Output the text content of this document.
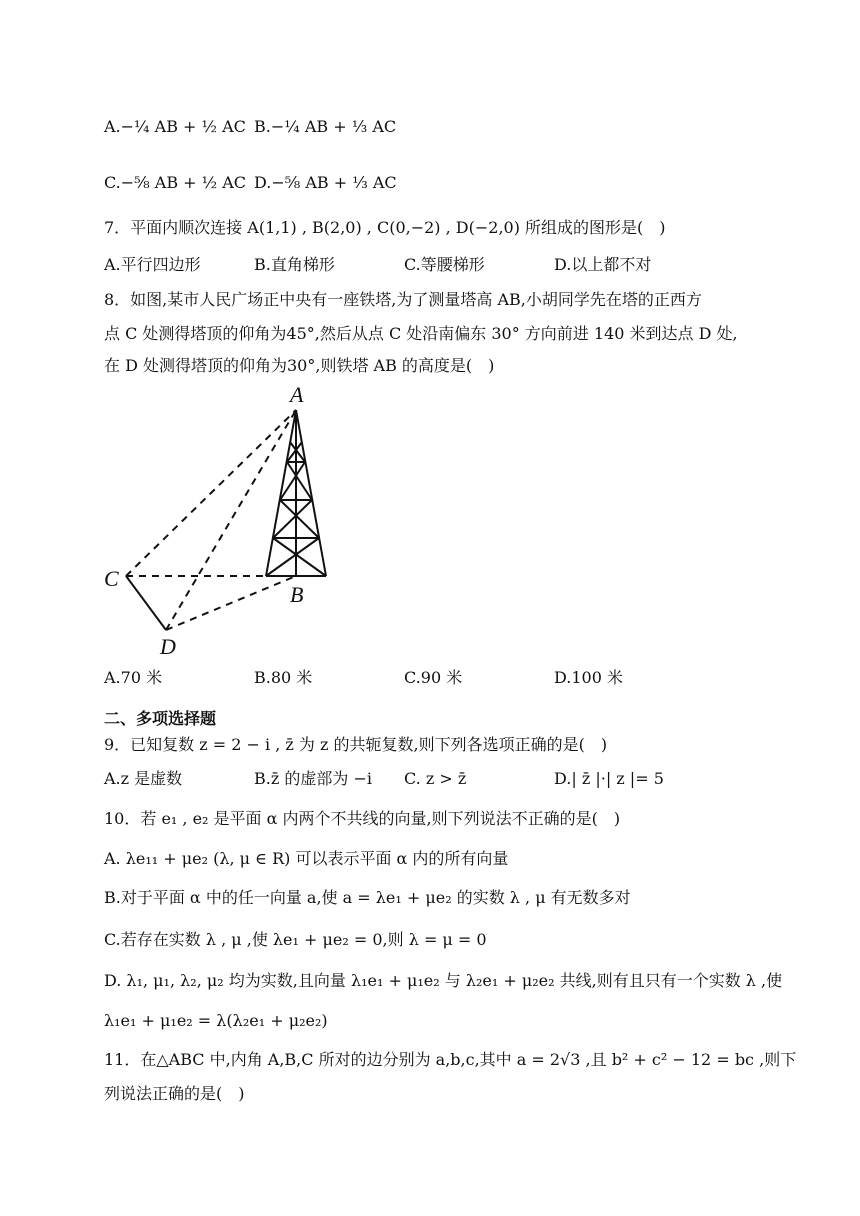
A.−¼ AB + ½ AC B.−¼ AB + ⅓ AC
C.−⅝ AB + ½ AC D.−⅝ AB + ⅓ AC
7．平面内顺次连接 A(1,1) , B(2,0) , C(0,−2) , D(−2,0) 所组成的图形是(　)
A.平行四边形	B.直角梯形	C.等腰梯形	D.以上都不对
8．如图,某市人民广场正中央有一座铁塔,为了测量塔高 AB,小胡同学先在塔的正西方
点 C 处测得塔顶的仰角为45°,然后从点 C 处沿南偏东 30° 方向前进 140 米到达点 D 处,
在 D 处测得塔顶的仰角为30°,则铁塔 AB 的高度是(　)
A
B
C
D
A.70 米	B.80 米	C.90 米	D.100 米
二、多项选择题
9．已知复数 z = 2 − i , z̄ 为 z 的共轭复数,则下列各选项正确的是(　)
A.z 是虚数	B.z̄ 的虚部为 −i C. z > z̄	D.| z̄ |·| z |= 5
10．若 e₁ , e₂ 是平面 α 内两个不共线的向量,则下列说法不正确的是(　)
A. λe₁₁ + μe₂ (λ, μ ∈ R) 可以表示平面 α 内的所有向量
B.对于平面 α 中的任一向量 a,使 a = λe₁ + μe₂ 的实数 λ , μ 有无数多对
C.若存在实数 λ , μ ,使 λe₁ + μe₂ = 0,则 λ = μ = 0
D. λ₁, μ₁, λ₂, μ₂ 均为实数,且向量 λ₁e₁ + μ₁e₂ 与 λ₂e₁ + μ₂e₂ 共线,则有且只有一个实数 λ ,使
λ₁e₁ + μ₁e₂ = λ(λ₂e₁ + μ₂e₂)
11．在△ABC 中,内角 A,B,C 所对的边分别为 a,b,c,其中 a = 2√3 ,且 b² + c² − 12 = bc ,则下
列说法正确的是(　)
